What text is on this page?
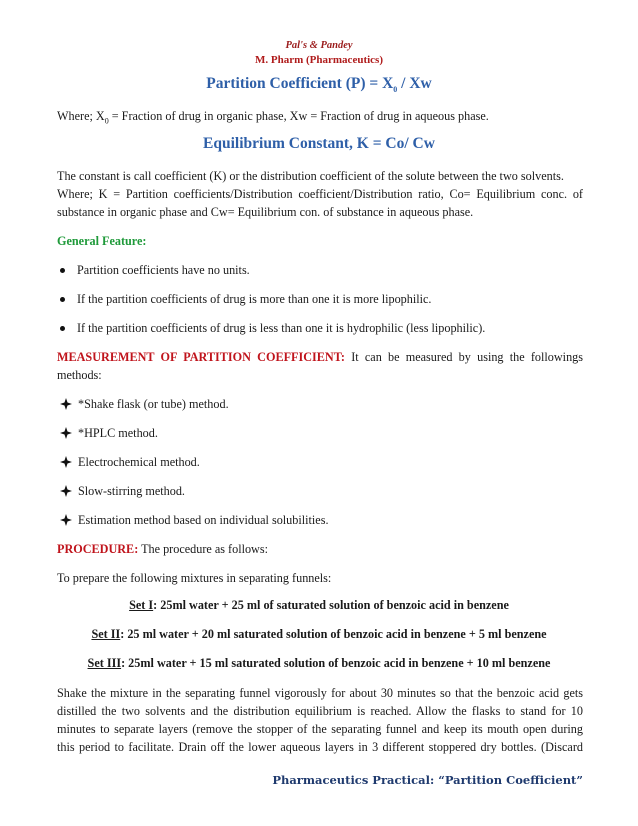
Pal's & Pandey
M. Pharm (Pharmaceutics)
Partition Coefficient $(P) = X_0 / Xw$
Where; $X_0$ = Fraction of drug in organic phase, Xw = Fraction of drug in aqueous phase.
Equilibrium Constant, K = Co/ Cw
The constant is call coefficient (K) or the distribution coefficient of the solute between the two solvents.
Where; K = Partition coefficients/Distribution coefficient/Distribution ratio, Co= Equilibrium conc. of
substance in organic phase and Cw= Equilibrium con. of substance in aqueous phase.
General Feature:
Partition coefficients have no units.
If the partition coefficients of drug is more than one it is more lipophilic.
If the partition coefficients of drug is less than one it is hydrophilic (less lipophilic).
MEASUREMENT OF PARTITION COEFFICIENT: It can be measured by using the followings
methods:
*Shake flask (or tube) method.
*HPLC method.
Electrochemical method.
Slow-stirring method.
Estimation method based on individual solubilities.
PROCEDURE: The procedure as follows:
To prepare the following mixtures in separating funnels:
Set I: 25ml water + 25 ml of saturated solution of benzoic acid in benzene
Set II: 25 ml water + 20 ml saturated solution of benzoic acid in benzene + 5 ml benzene
Set III: 25ml water + 15 ml saturated solution of benzoic acid in benzene + 10 ml benzene
Shake the mixture in the separating funnel vigorously for about 30 minutes so that the benzoic acid gets
distilled the two solvents and the distribution equilibrium is reached. Allow the flasks to stand for 10
minutes to separate layers (remove the stopper of the separating funnel and keep its mouth open during
this period to facilitate. Drain off the lower aqueous layers in 3 different stoppered dry bottles. (Discard
Pharmaceutics Practical: “Partition Coefficient”
